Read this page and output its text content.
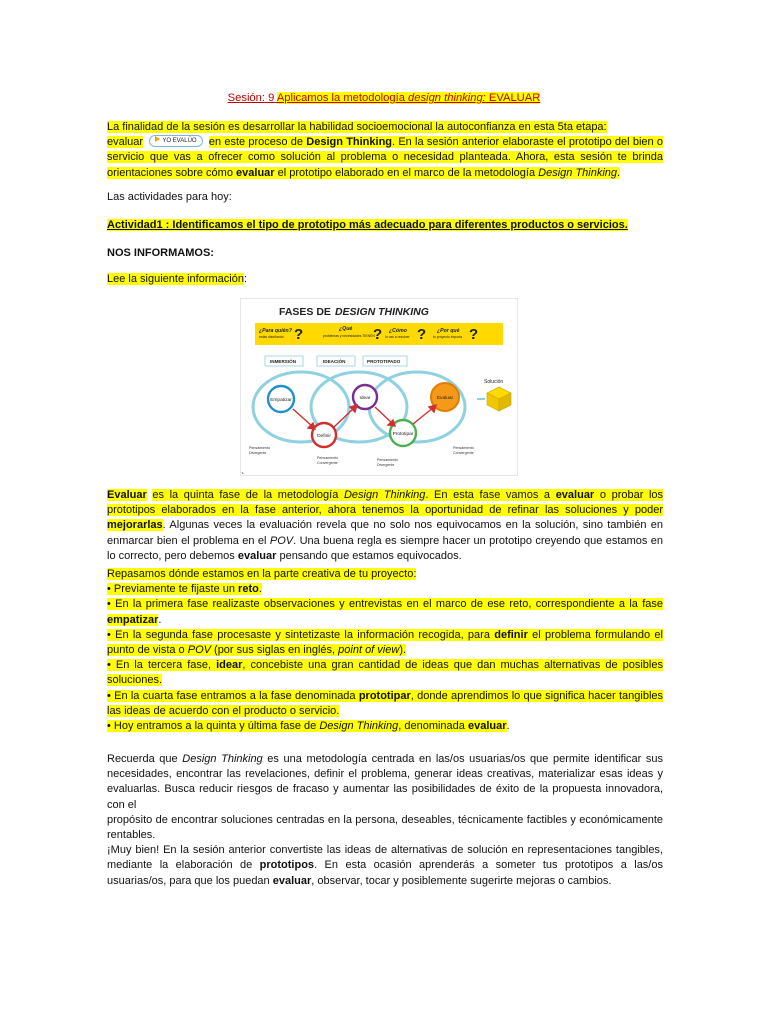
Sesión: 9 Aplicamos la metodología design thinking: EVALUAR
La finalidad de la sesión es desarrollar la habilidad socioemocional la autoconfianza en esta 5ta etapa:
evaluar	YO EVALÚO en este proceso de Design Thinking. En la sesión anterior elaboraste el prototipo del bien o servicio que vas a ofrecer como solución al problema o necesidad planteada. Ahora, esta sesión te brinda orientaciones sobre cómo evaluar el prototipo elaborado en el marco de la metodología Design Thinking.
Las actividades para hoy:
Actividad1 : Identificamos el tipo de prototipo más adecuado para diferentes productos o servicios.
NOS INFORMAMOS:
Lee la siguiente información:
FASES DE DESIGN THINKING
¿Para quién?
estás diseñando ?	¿Qué
problemas y necesidades TIENEN
? ¿Cómo
lo vas a resolver ? ¿Por qué
tu proyecto importa ?
INMERSIÓN	IDEACIÓN	PROTOTIPADO
Empatizar
Definir
Idear
Prototipar
Evaluar
Solución
Pensamiento
Divergente
Pensamiento
Convergente
Pensamiento
Divergente
Pensamiento
Convergente
`
Evaluar es la quinta fase de la metodología Design Thinking. En esta fase vamos a evaluar o probar los prototipos elaborados en la fase anterior, ahora tenemos la oportunidad de refinar las soluciones y poder mejorarlas. Algunas veces la evaluación revela que no solo nos equivocamos en la solución, sino también en enmarcar bien el problema en el POV. Una buena regla es siempre hacer un prototipo creyendo que estamos en lo correcto, pero debemos evaluar pensando que estamos equivocados.
Repasamos dónde estamos en la parte creativa de tu proyecto:
• Previamente te fijaste un reto.
• En la primera fase realizaste observaciones y entrevistas en el marco de ese reto, correspondiente a la fase empatizar.
• En la segunda fase procesaste y sintetizaste la información recogida, para definir el problema formulando el punto de vista o POV (por sus siglas en inglés, point of view).
• En la tercera fase, idear, concebiste una gran cantidad de ideas que dan muchas alternativas de posibles soluciones.
• En la cuarta fase entramos a la fase denominada prototipar, donde aprendimos lo que significa hacer tangibles las ideas de acuerdo con el producto o servicio.
• Hoy entramos a la quinta y última fase de Design Thinking, denominada evaluar.
Recuerda que Design Thinking es una metodología centrada en las/os usuarias/os que permite identificar sus necesidades, encontrar las revelaciones, definir el problema, generar ideas creativas, materializar esas ideas y evaluarlas. Busca reducir riesgos de fracaso y aumentar las posibilidades de éxito de la propuesta innovadora, con el
propósito de encontrar soluciones centradas en la persona, deseables, técnicamente factibles y económicamente rentables.
¡Muy bien! En la sesión anterior convertiste las ideas de alternativas de solución en representaciones tangibles, mediante la elaboración de prototipos. En esta ocasión aprenderás a someter tus prototipos a las/os usuarias/os, para que los puedan evaluar, observar, tocar y posiblemente sugerirte mejoras o cambios.
